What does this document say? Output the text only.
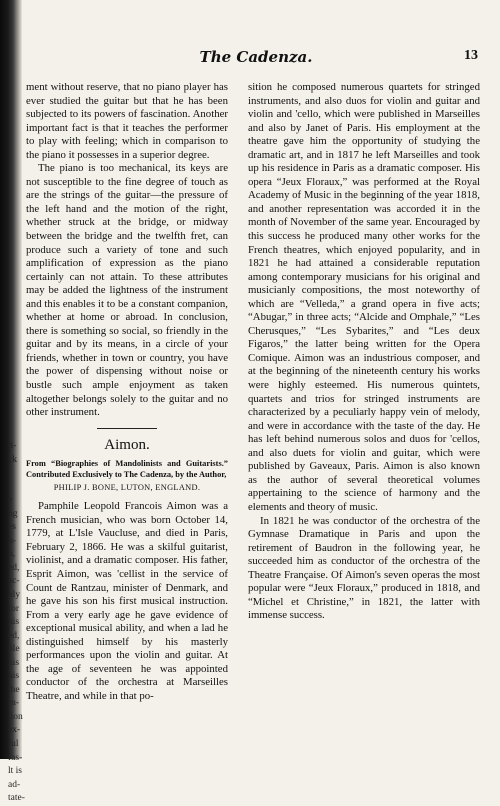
tt-
ck
e
ng
es
n-
h,
ed,
ac-
nly
for
his
ed,
ble
his
his
the
rn-
tion
ex-
ful
fas-
lt is
ad-
tate-
The Cadenza.	13

ment without reserve, that no piano player has ever studied the guitar but that he has been subjected to its powers of fascination. Another important fact is that it teaches the performer to play with feeling; which in comparison to the piano it possesses in a superior degree.

The piano is too mechanical, its keys are not susceptible to the fine degree of touch as are the strings of the guitar—the pressure of the left hand and the motion of the right, whether struck at the bridge, or midway between the bridge and the twelfth fret, can produce such a variety of tone and such amplification of expression as the piano certainly can not attain. To these attributes may be added the lightness of the instrument and this enables it to be a constant companion, whether at home or abroad. In conclusion, there is something so social, so friendly in the guitar and by its means, in a circle of your friends, whether in town or country, you have the power of dispensing without noise or bustle such ample enjoyment as taken altogether belongs solely to the guitar and no other instrument.

Aimon.

From “Biographies of Mandolinists and Guitarists.” Contributed Exclusively to The Cadenza, by the Author,

PHILIP J. BONE, LUTON, ENGLAND.

Pamphile Leopold Francois Aimon was a French musician, who was born October 14, 1779, at L'Isle Vaucluse, and died in Paris, February 2, 1866. He was a skilful guitarist, violinist, and a dramatic composer. His father, Esprit Aimon, was 'cellist in the service of Count de Rantzau, minister of Denmark, and he gave his son his first musical instruction. From a very early age he gave evidence of exceptional musical ability, and when a lad he distinguished himself by his masterly performances upon the violin and guitar. At the age of seventeen he was appointed conductor of the orchestra at Marseilles Theatre, and while in that po-

sition he composed numerous quartets for stringed instruments, and also duos for violin and guitar and violin and 'cello, which were published in Marseilles and also by Janet of Paris. His employment at the theatre gave him the opportunity of studying the dramatic art, and in 1817 he left Marseilles and took up his residence in Paris as a dramatic composer. His opera “Jeux Floraux,” was performed at the Royal Academy of Music in the beginning of the year 1818, and another representation was accorded it in the month of November of the same year. Encouraged by this success he produced many other works for the French theatres, which enjoyed popularity, and in 1821 he had attained a considerable reputation among contemporary musicians for his original and musicianly compositions, the most noteworthy of which are “Velleda,” a grand opera in five acts; “Abugar,” in three acts; “Alcide and Omphale,” “Les Cherusques,” “Les Sybarites,” and “Les deux Figaros,” the latter being written for the Opera Comique. Aimon was an industrious composer, and at the beginning of the nineteenth century his works were highly esteemed. His numerous quintets, quartets and trios for stringed instruments are characterized by a peculiarly happy vein of melody, and were in accordance with the taste of the day. He has left behind numerous solos and duos for 'cellos, and also duets for violin and guitar, which were published by Gaveaux, Paris. Aimon is also known as the author of several theoretical volumes appertaining to the science of harmony and the elements and theory of music.

In 1821 he was conductor of the orchestra of the Gymnase Dramatique in Paris and upon the retirement of Baudron in the following year, he succeeded him as conductor of the orchestra of the Theatre Française. Of Aimon's seven operas the most popular were “Jeux Floraux,” produced in 1818, and “Michel et Christine,” in 1821, the latter with immense success.
